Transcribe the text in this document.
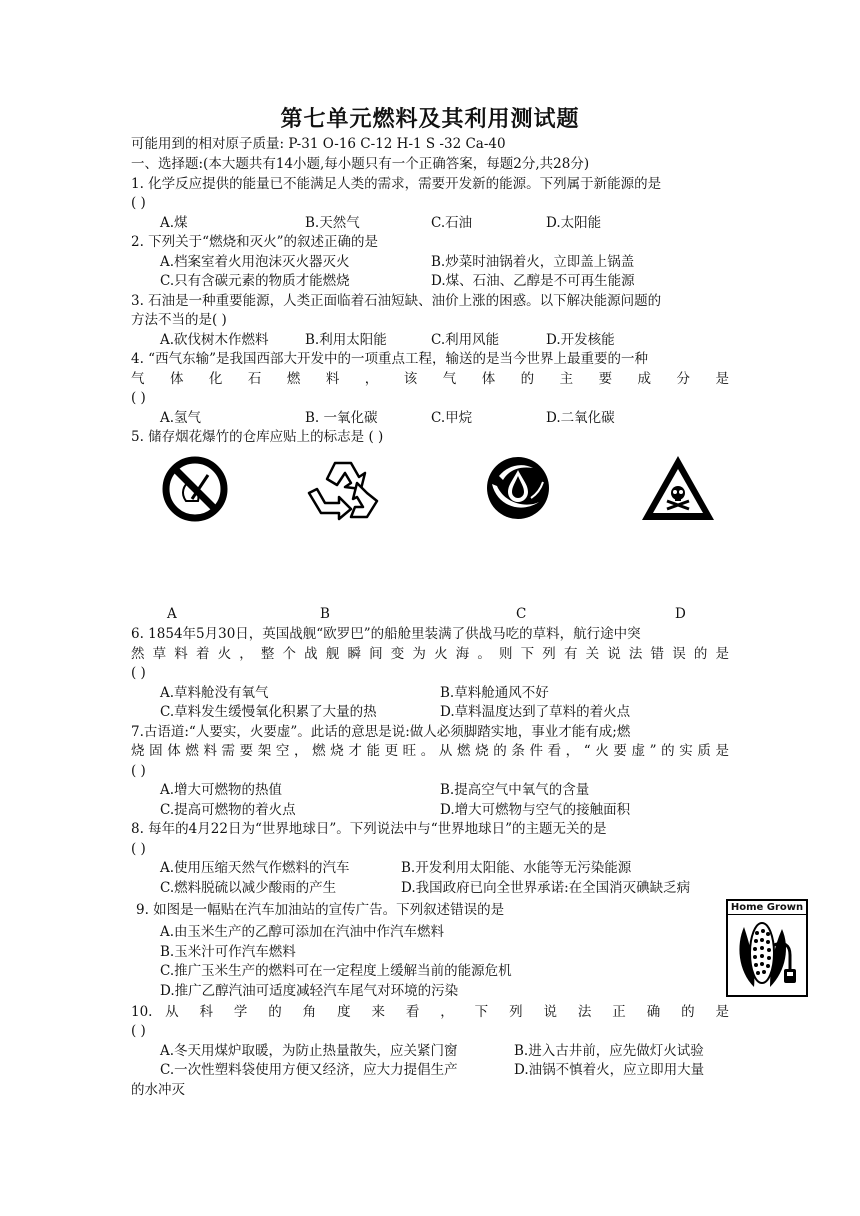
第七单元燃料及其利用测试题
可能用到的相对原子质量: P-31 O-16 C-12 H-1 S -32 Ca-40
一、选择题:(本大题共有14小题,每小题只有一个正确答案，每题2分,共28分)
1. 化学反应提供的能量已不能满足人类的需求，需要开发新的能源。下列属于新能源的是
( )
A.煤	B.天然气	C.石油	D.太阳能
2. 下列关于“燃烧和灭火”的叙述正确的是
A.档案室着火用泡沫灭火器灭火	B.炒菜时油锅着火，立即盖上锅盖
C.只有含碳元素的物质才能燃烧	D.煤、石油、乙醇是不可再生能源
3. 石油是一种重要能源，人类正面临着石油短缺、油价上涨的困惑。以下解决能源问题的
方法不当的是( )
A.砍伐树木作燃料	B.利用太阳能	C.利用风能	D.开发核能
4. “西气东输”是我国西部大开发中的一项重点工程，输送的是当今世界上最重要的一种
气 体 化 石 燃 料 ， 该 气 体 的 主 要 成 分 是
( )
A.氢气	B. 一氧化碳	C.甲烷	D.二氧化碳
5. 储存烟花爆竹的仓库应贴上的标志是 ( )
A	B	C	D
6. 1854年5月30日，英国战舰“欧罗巴”的船舱里装满了供战马吃的草料，航行途中突
然 草 料 着 火 ， 整 个 战 舰 瞬 间 变 为 火 海 。 则 下 列 有 关 说 法 错 误 的 是
( )
A.草料舱没有氧气	B.草料舱通风不好
C.草料发生缓慢氧化积累了大量的热	D.草料温度达到了草料的着火点
7.古语道:“人要实，火要虚”。此话的意思是说:做人必须脚踏实地，事业才能有成;燃
烧固体燃料需要架空，燃烧才能更旺。从燃烧的条件看，“火要虚”的实质是
( )
A.增大可燃物的热值	B.提高空气中氧气的含量
C.提高可燃物的着火点	D.增大可燃物与空气的接触面积
8. 每年的4月22日为“世界地球日”。下列说法中与“世界地球日”的主题无关的是
( )
A.使用压缩天然气作燃料的汽车	B.开发利用太阳能、水能等无污染能源
C.燃料脱硫以减少酸雨的产生	D.我国政府已向全世界承诺:在全国消灭碘缺乏病
9. 如图是一幅贴在汽车加油站的宣传广告。下列叙述错误的是
A.由玉米生产的乙醇可添加在汽油中作汽车燃料
B.玉米汁可作汽车燃料
C.推广玉米生产的燃料可在一定程度上缓解当前的能源危机
D.推广乙醇汽油可适度减轻汽车尾气对环境的污染
Home Grown
10. 从 科 学 的 角 度 来 看 ， 下 列 说 法 正 确 的 是
( )
A.冬天用煤炉取暖，为防止热量散失，应关紧门窗	B.进入古井前，应先做灯火试验
C.一次性塑料袋使用方便又经济，应大力提倡生产	D.油锅不慎着火，应立即用大量
的水冲灭
